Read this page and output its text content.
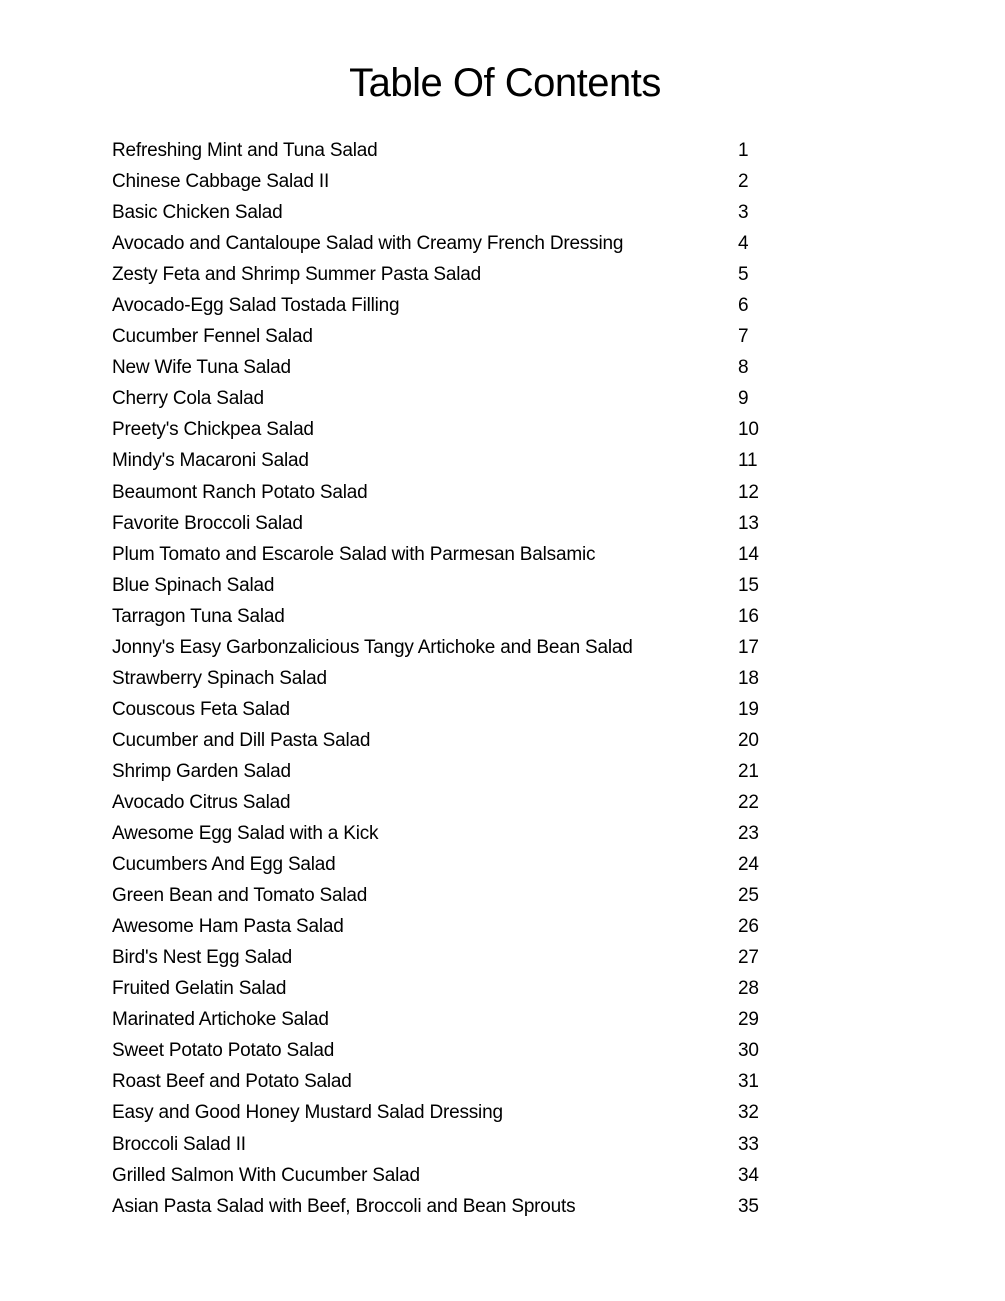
Table Of Contents
Refreshing Mint and Tuna Salad	1
Chinese Cabbage Salad II	2
Basic Chicken Salad	3
Avocado and Cantaloupe Salad with Creamy French Dressing	4
Zesty Feta and Shrimp Summer Pasta Salad	5
Avocado-Egg Salad Tostada Filling	6
Cucumber Fennel Salad	7
New Wife Tuna Salad	8
Cherry Cola Salad	9
Preety's Chickpea Salad	10
Mindy's Macaroni Salad	11
Beaumont Ranch Potato Salad	12
Favorite Broccoli Salad	13
Plum Tomato and Escarole Salad with Parmesan Balsamic	14
Blue Spinach Salad	15
Tarragon Tuna Salad	16
Jonny's Easy Garbonzalicious Tangy Artichoke and Bean Salad	17
Strawberry Spinach Salad	18
Couscous Feta Salad	19
Cucumber and Dill Pasta Salad	20
Shrimp Garden Salad	21
Avocado Citrus Salad	22
Awesome Egg Salad with a Kick	23
Cucumbers And Egg Salad	24
Green Bean and Tomato Salad	25
Awesome Ham Pasta Salad	26
Bird's Nest Egg Salad	27
Fruited Gelatin Salad	28
Marinated Artichoke Salad	29
Sweet Potato Potato Salad	30
Roast Beef and Potato Salad	31
Easy and Good Honey Mustard Salad Dressing	32
Broccoli Salad II	33
Grilled Salmon With Cucumber Salad	34
Asian Pasta Salad with Beef, Broccoli and Bean Sprouts	35
